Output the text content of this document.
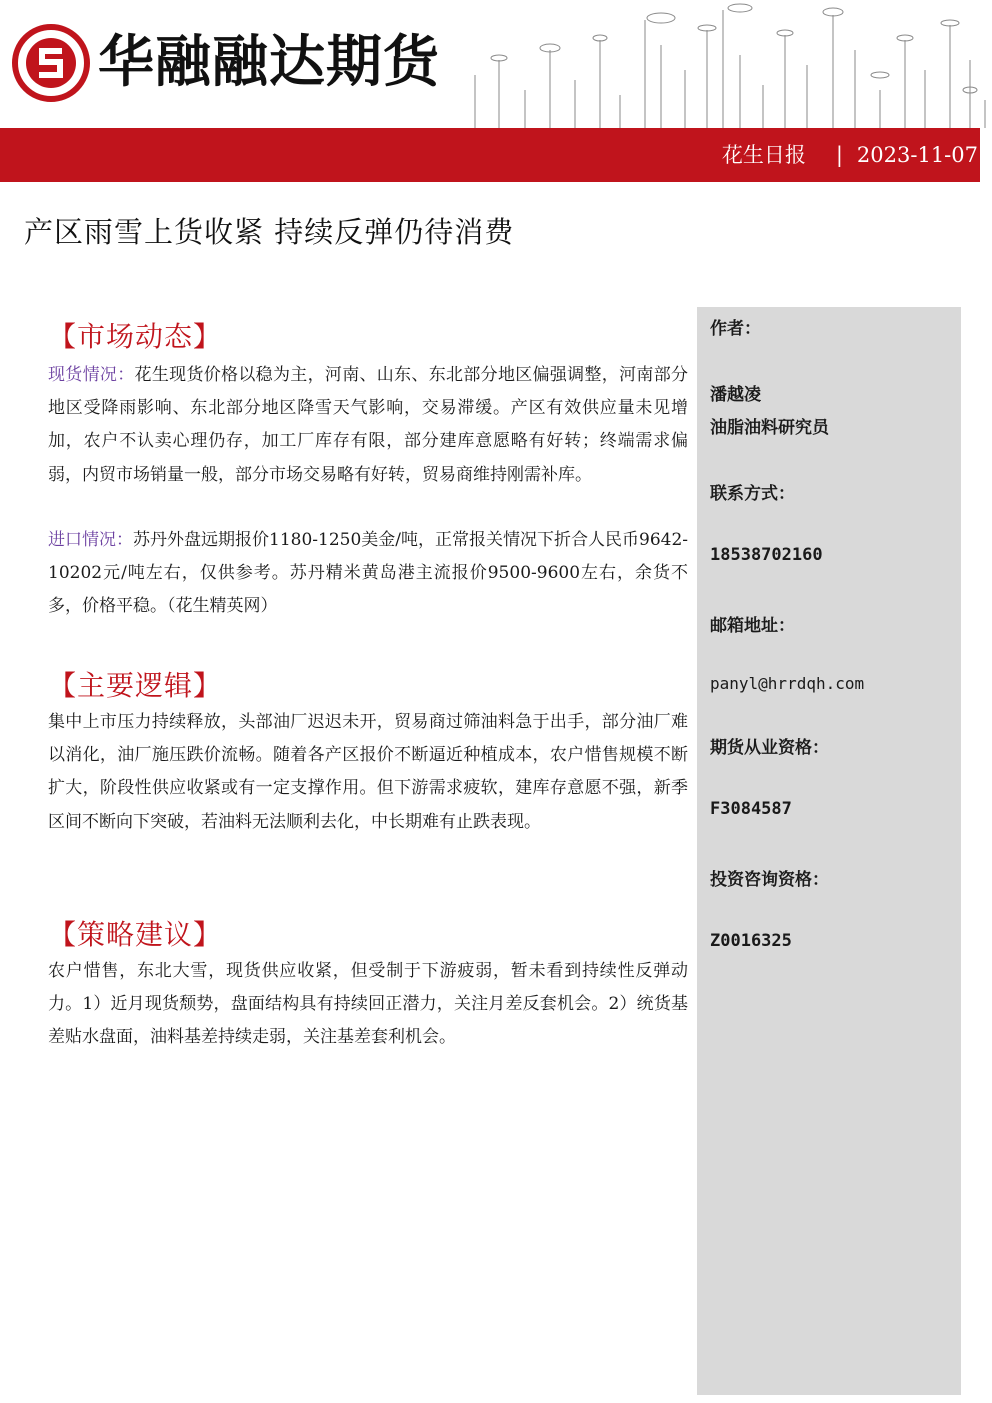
华融融达期货
花生日报 | 2023-11-07
产区雨雪上货收紧 持续反弹仍待消费
作者：
潘越凌
油脂油料研究员
联系方式：
18538702160
邮箱地址：
panyl@hrrdqh.com
期货从业资格：
F3084587
投资咨询资格：
Z0016325
【市场动态】
现货情况：花生现货价格以稳为主，河南、山东、东北部分地区偏强调整，河南部分地区受降雨影响、东北部分地区降雪天气影响，交易滞缓。产区有效供应量未见增加，农户不认卖心理仍存，加工厂库存有限，部分建库意愿略有好转；终端需求偏弱，内贸市场销量一般，部分市场交易略有好转，贸易商维持刚需补库。
进口情况：苏丹外盘远期报价1180-1250美金/吨，正常报关情况下折合人民币9642-10202元/吨左右，仅供参考。苏丹精米黄岛港主流报价9500-9600左右，余货不多，价格平稳。（花生精英网）
【主要逻辑】
集中上市压力持续释放，头部油厂迟迟未开，贸易商过筛油料急于出手，部分油厂难以消化，油厂施压跌价流畅。随着各产区报价不断逼近种植成本，农户惜售规模不断扩大，阶段性供应收紧或有一定支撑作用。但下游需求疲软，建库存意愿不强，新季区间不断向下突破，若油料无法顺利去化，中长期难有止跌表现。
【策略建议】
农户惜售，东北大雪，现货供应收紧，但受制于下游疲弱，暂未看到持续性反弹动力。1）近月现货颓势，盘面结构具有持续回正潜力，关注月差反套机会。2）统货基差贴水盘面，油料基差持续走弱，关注基差套利机会。
